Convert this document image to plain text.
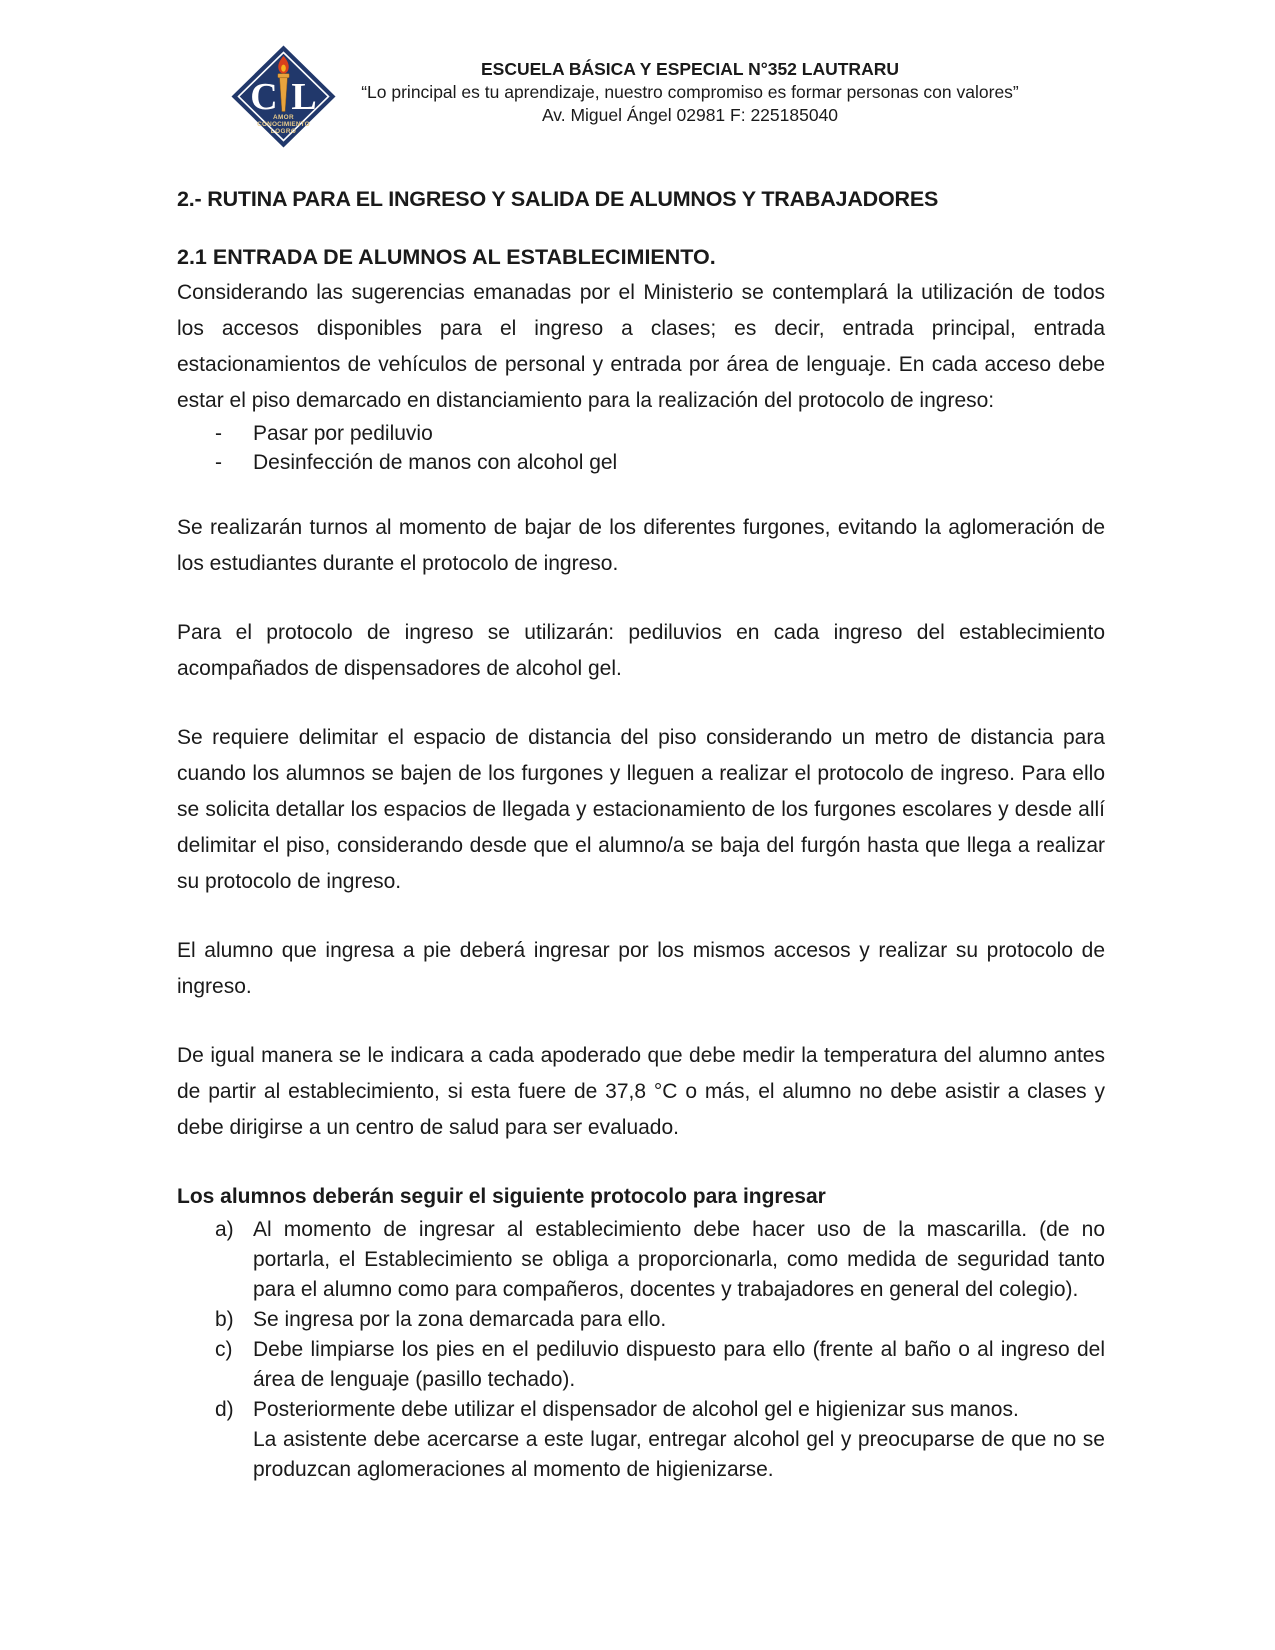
C L
AMOR
CONOCIMIENTO
LOGRO
ESCUELA BÁSICA Y ESPECIAL N°352 LAUTRARU
“Lo principal es tu aprendizaje, nuestro compromiso es formar personas con valores”
Av. Miguel Ángel 02981 F: 225185040
2.- RUTINA PARA EL INGRESO Y SALIDA DE ALUMNOS Y TRABAJADORES
2.1 ENTRADA DE ALUMNOS AL ESTABLECIMIENTO.

Considerando las sugerencias emanadas por el Ministerio se contemplará la utilización de todos los accesos disponibles para el ingreso a clases; es decir, entrada principal, entrada estacionamientos de vehículos de personal y entrada por área de lenguaje. En cada acceso debe estar el piso demarcado en distanciamiento para la realización del protocolo de ingreso:

-	Pasar por pediluvio
-	Desinfección de manos con alcohol gel

Se realizarán turnos al momento de bajar de los diferentes furgones, evitando la aglomeración de los estudiantes durante el protocolo de ingreso.

Para el protocolo de ingreso se utilizarán: pediluvios en cada ingreso del establecimiento acompañados de dispensadores de alcohol gel.

Se requiere delimitar el espacio de distancia del piso considerando un metro de distancia para cuando los alumnos se bajen de los furgones y lleguen a realizar el protocolo de ingreso. Para ello se solicita detallar los espacios de llegada y estacionamiento de los furgones escolares y desde allí delimitar el piso, considerando desde que el alumno/a se baja del furgón hasta que llega a realizar su protocolo de ingreso.

El alumno que ingresa a pie deberá ingresar por los mismos accesos y realizar su protocolo de ingreso.

De igual manera se le indicara a cada apoderado que debe medir la temperatura del alumno antes de partir al establecimiento, si esta fuere de 37,8 °C o más, el alumno no debe asistir a clases y debe dirigirse a un centro de salud para ser evaluado.

Los alumnos deberán seguir el siguiente protocolo para ingresar

a) Al momento de ingresar al establecimiento debe hacer uso de la mascarilla. (de no portarla, el Establecimiento se obliga a proporcionarla, como medida de seguridad tanto para el alumno como para compañeros, docentes y trabajadores en general del colegio).
b) Se ingresa por la zona demarcada para ello.
c) Debe limpiarse los pies en el pediluvio dispuesto para ello (frente al baño o al ingreso del área de lenguaje (pasillo techado).
d) Posteriormente debe utilizar el dispensador de alcohol gel e higienizar sus manos.
La asistente debe acercarse a este lugar, entregar alcohol gel y preocuparse de que no se produzcan aglomeraciones al momento de higienizarse.
